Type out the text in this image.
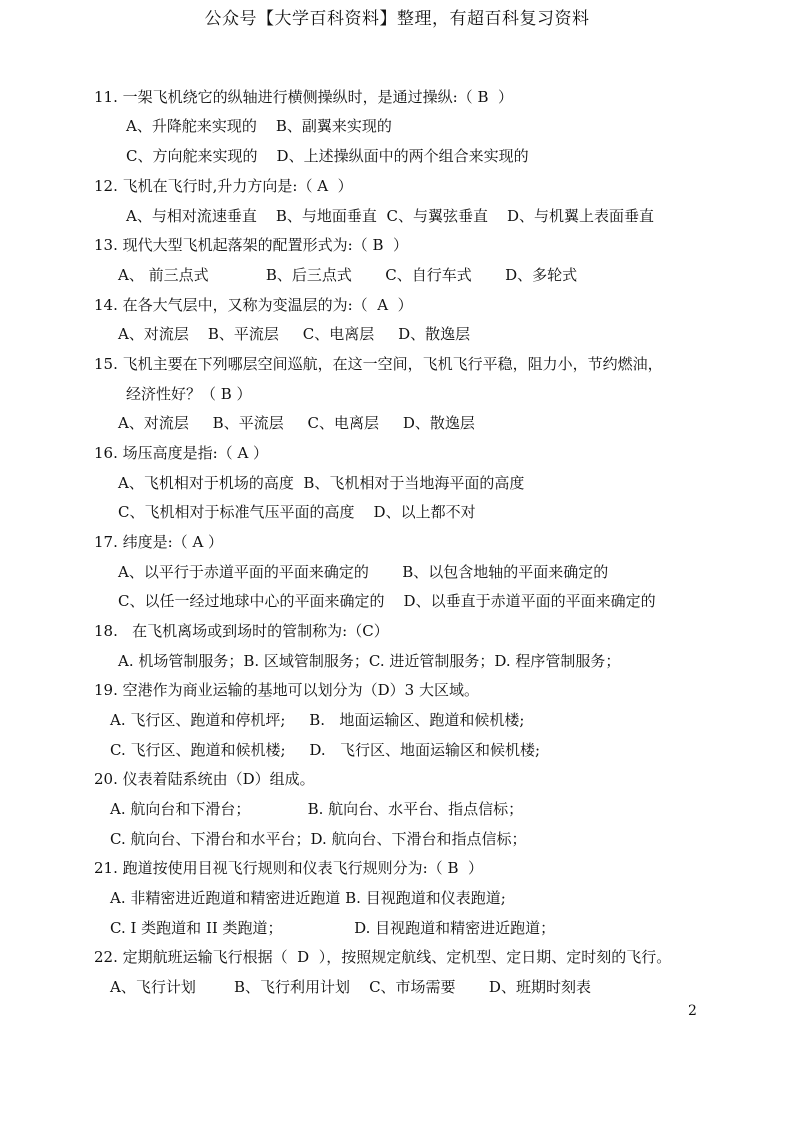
公众号【大学百科资料】整理，有超百科复习资料
11. 一架飞机绕它的纵轴进行横侧操纵时，是通过操纵:（ B  ）
A、升降舵来实现的    B、副翼来实现的
C、方向舵来实现的    D、上述操纵面中的两个组合来实现的
12. 飞机在飞行时,升力方向是:（ A  ）
A、与相对流速垂直    B、与地面垂直  C、与翼弦垂直    D、与机翼上表面垂直
13. 现代大型飞机起落架的配置形式为:（ B  ）
A、 前三点式            B、后三点式       C、自行车式       D、多轮式
14. 在各大气层中，又称为变温层的为:（  A  ）
A、对流层    B、平流层     C、电离层     D、散逸层
15. 飞机主要在下列哪层空间巡航，在这一空间，飞机飞行平稳，阻力小，节约燃油，
经济性好？（ B ）
A、对流层     B、平流层     C、电离层     D、散逸层
16. 场压高度是指:（ A ）
A、飞机相对于机场的高度  B、飞机相对于当地海平面的高度
C、飞机相对于标准气压平面的高度    D、以上都不对
17. 纬度是:（ A ）
A、以平行于赤道平面的平面来确定的       B、以包含地轴的平面来确定的
C、以任一经过地球中心的平面来确定的    D、以垂直于赤道平面的平面来确定的
18.   在飞机离场或到场时的管制称为:（C）
A. 机场管制服务；B. 区域管制服务；C. 进近管制服务；D. 程序管制服务；
19. 空港作为商业运输的基地可以划分为（D）3 大区域。
A. 飞行区、跑道和停机坪;     B.   地面运输区、跑道和候机楼;
C. 飞行区、跑道和候机楼;     D.   飞行区、地面运输区和候机楼;
20. 仪表着陆系统由（D）组成。
A. 航向台和下滑台；            B. 航向台、水平台、指点信标；
C. 航向台、下滑台和水平台；D. 航向台、下滑台和指点信标；
21. 跑道按使用目视飞行规则和仪表飞行规则分为:（ B  ）
A. 非精密进近跑道和精密进近跑道 B. 目视跑道和仪表跑道;
C. I 类跑道和 II 类跑道；               D. 目视跑道和精密进近跑道；
22. 定期航班运输飞行根据（  D  ），按照规定航线、定机型、定日期、定时刻的飞行。
A、飞行计划        B、飞行利用计划    C、市场需要       D、班期时刻表
2
